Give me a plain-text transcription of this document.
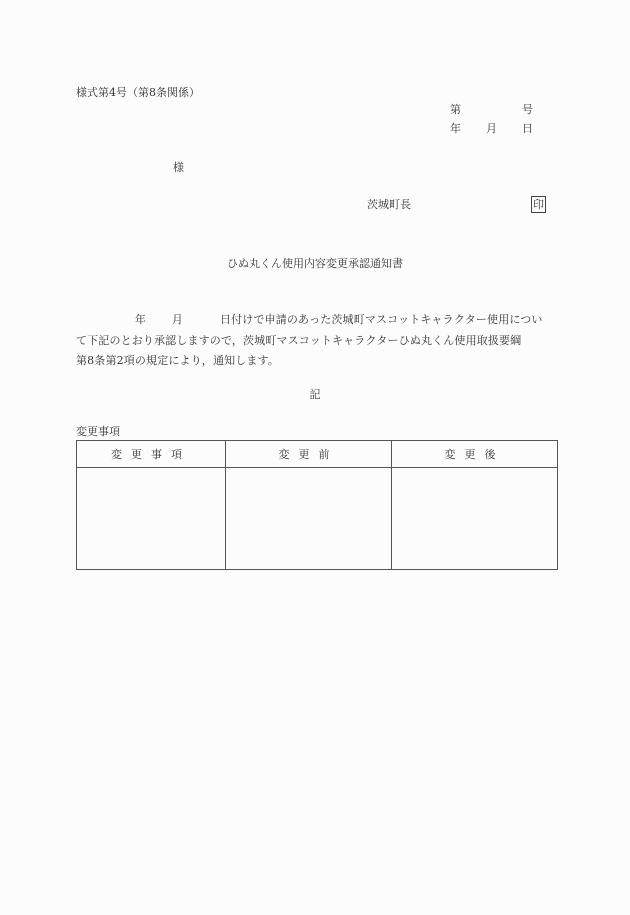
様式第4号（第8条関係）
第	号
年 月 日
様
茨城町長	印
ひぬ丸くん使用内容変更承認通知書
年 月	日付けで申請のあった茨城町マスコットキャラクター使用につい
て下記のとおり承認しますので，茨城町マスコットキャラクターひぬ丸くん使用取扱要綱
第8条第2項の規定により，通知します。
記
変更事項
変更事項	変更前	変更後
